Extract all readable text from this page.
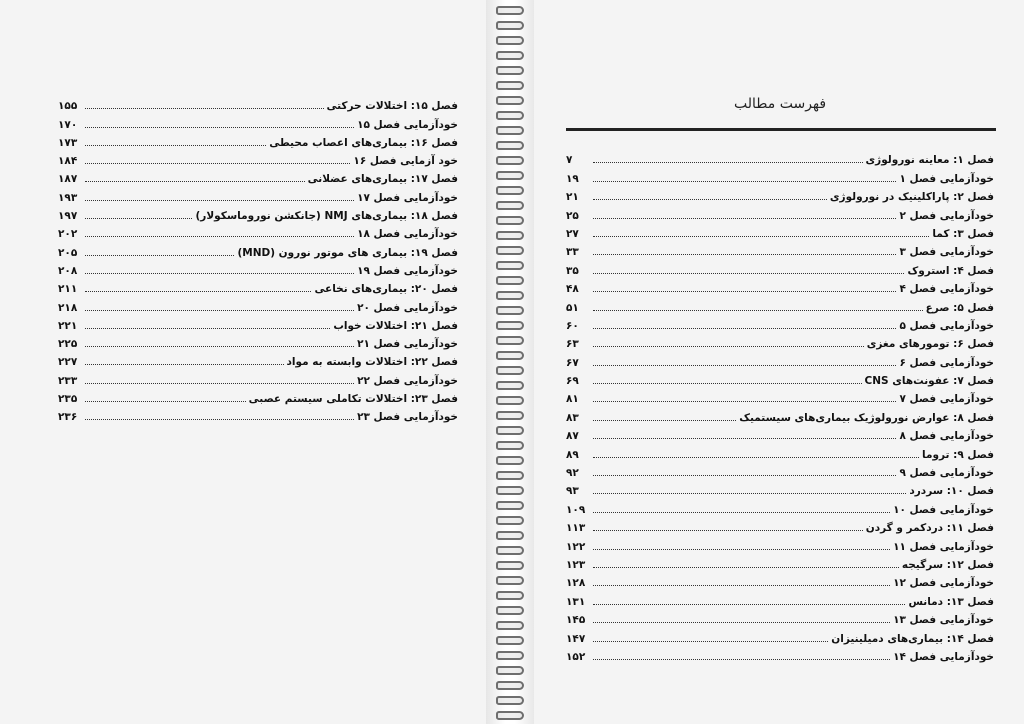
فصل ۱۵: اختلالات حرکتی
۱۵۵
خودآزمایی فصل ۱۵
۱۷۰
فصل ۱۶: بیماری‌های اعصاب محیطی
۱۷۳
خود آزمایی فصل ۱۶
۱۸۴
فصل ۱۷: بیماری‌های عضلانی
۱۸۷
خودآزمایی فصل ۱۷
۱۹۳
فصل ۱۸: بیماری‌های NMJ (جانکشن نوروماسکولار)
۱۹۷
خودآزمایی فصل ۱۸
۲۰۲
فصل ۱۹: بیماری های موتور نورون (MND)
۲۰۵
خودآزمایی فصل ۱۹
۲۰۸
فصل ۲۰: بیماری‌های نخاعی
۲۱۱
خودآزمایی فصل ۲۰
۲۱۸
فصل ۲۱: اختلالات خواب
۲۲۱
خودآزمایی فصل ۲۱
۲۲۵
فصل ۲۲: اختلالات وابسته به مواد
۲۲۷
خودآزمایی فصل ۲۲
۲۳۳
فصل ۲۳: اختلالات تکاملی سیستم عصبی
۲۳۵
خودآزمایی فصل ۲۳
۲۳۶
فهرست مطالب
فصل ۱: معاینه نورولوژی
۷
خودآزمایی فصل ۱
۱۹
فصل ۲: پاراکلینیک در نورولوژی
۲۱
خودآزمایی فصل ۲
۲۵
فصل ۳: کما
۲۷
خودآزمایی فصل ۳
۳۳
فصل ۴: استروک
۳۵
خودآزمایی فصل ۴
۴۸
فصل ۵: صرع
۵۱
خودآزمایی فصل ۵
۶۰
فصل ۶: تومورهای مغزی
۶۳
خودآزمایی فصل ۶
۶۷
فصل ۷: عفونت‌های CNS
۶۹
خودآزمایی فصل ۷
۸۱
فصل ۸: عوارض نورولوژیک بیماری‌های سیستمیک
۸۳
خودآزمایی فصل ۸
۸۷
فصل ۹: تروما
۸۹
خودآزمایی فصل ۹
۹۲
فصل ۱۰: سردرد
۹۳
خودآزمایی فصل ۱۰
۱۰۹
فصل ۱۱: دردکمر و گردن
۱۱۳
خودآزمایی فصل ۱۱
۱۲۲
فصل ۱۲: سرگیجه
۱۲۳
خودآزمایی فصل ۱۲
۱۲۸
فصل ۱۳: دمانس
۱۳۱
خودآزمایی فصل ۱۳
۱۴۵
فصل ۱۴: بیماری‌های دمیلینیزان
۱۴۷
خودآزمایی فصل ۱۴
۱۵۲
